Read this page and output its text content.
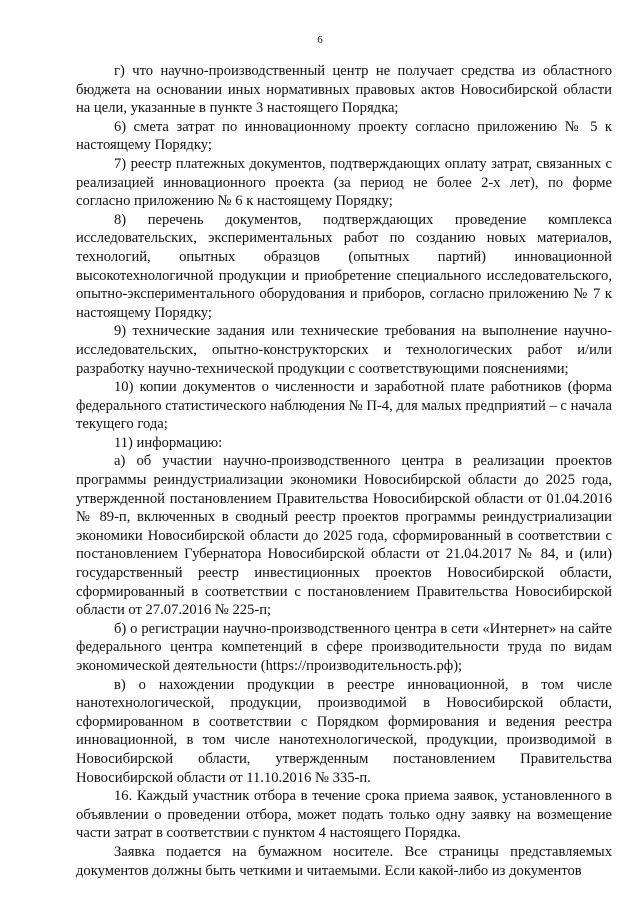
6

г) что научно-производственный центр не получает средства из областного бюджета на основании иных нормативных правовых актов Новосибирской области на цели, указанные в пункте 3 настоящего Порядка;

6) смета затрат по инновационному проекту согласно приложению № 5 к настоящему Порядку;

7) реестр платежных документов, подтверждающих оплату затрат, связанных с реализацией инновационного проекта (за период не более 2-х лет), по форме согласно приложению № 6 к настоящему Порядку;

8) перечень документов, подтверждающих проведение комплекса исследовательских, экспериментальных работ по созданию новых материалов, технологий, опытных образцов (опытных партий) инновационной высокотехнологичной продукции и приобретение специального исследовательского, опытно-экспериментального оборудования и приборов, согласно приложению № 7 к настоящему Порядку;

9) технические задания или технические требования на выполнение научно-исследовательских, опытно-конструкторских и технологических работ и/или разработку научно-технической продукции с соответствующими пояснениями;

10) копии документов о численности и заработной плате работников (форма федерального статистического наблюдения № П-4, для малых предприятий – с начала текущего года;

11) информацию:

а) об участии научно-производственного центра в реализации проектов программы реиндустриализации экономики Новосибирской области до 2025 года, утвержденной постановлением Правительства Новосибирской области от 01.04.2016 № 89-п, включенных в сводный реестр проектов программы реиндустриализации экономики Новосибирской области до 2025 года, сформированный в соответствии с постановлением Губернатора Новосибирской области от 21.04.2017 № 84, и (или) государственный реестр инвестиционных проектов Новосибирской области, сформированный в соответствии с постановлением Правительства Новосибирской области от 27.07.2016 № 225-п;

б) о регистрации научно-производственного центра в сети «Интернет» на сайте федерального центра компетенций в сфере производительности труда по видам экономической деятельности (https://производительность.рф);

в) о нахождении продукции в реестре инновационной, в том числе нанотехнологической, продукции, производимой в Новосибирской области, сформированном в соответствии с Порядком формирования и ведения реестра инновационной, в том числе нанотехнологической, продукции, производимой в Новосибирской области, утвержденным постановлением Правительства Новосибирской области от 11.10.2016 № 335-п.

16. Каждый участник отбора в течение срока приема заявок, установленного в объявлении о проведении отбора, может подать только одну заявку на возмещение части затрат в соответствии с пунктом 4 настоящего Порядка.

Заявка подается на бумажном носителе. Все страницы представляемых документов должны быть четкими и читаемыми. Если какой-либо из документов
